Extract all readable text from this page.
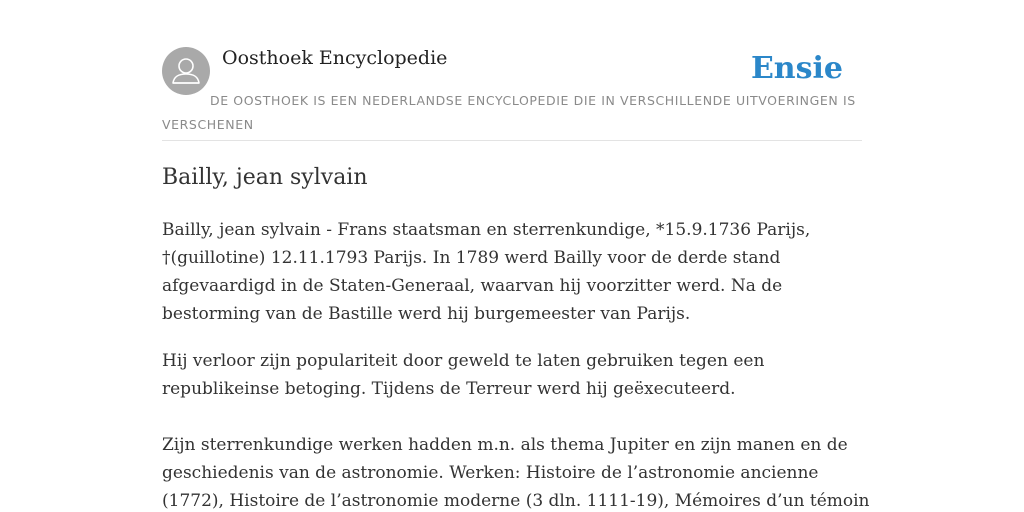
Oosthoek Encyclopedie	Ensie
DE OOSTHOEK IS EEN NEDERLANDSE ENCYCLOPEDIE DIE IN VERSCHILLENDE UITVOERINGEN IS VERSCHENEN
Bailly, jean sylvain

Bailly, jean sylvain - Frans staatsman en sterrenkundige, *15.9.1736 Parijs,

†(guillotine) 12.11.1793 Parijs. In 1789 werd Bailly voor de derde stand

afgevaardigd in de Staten-Generaal, waarvan hij voorzitter werd. Na de

bestorming van de Bastille werd hij burgemeester van Parijs.

Hij verloor zijn populariteit door geweld te laten gebruiken tegen een

republikeinse betoging. Tijdens de Terreur werd hij geëxecuteerd.

Zijn sterrenkundige werken hadden m.n. als thema Jupiter en zijn manen en de

geschiedenis van de astronomie. Werken: Histoire de l’astronomie ancienne

(1772), Histoire de l’astronomie moderne (3 dln. 1111-19), Mémoires d’un témoin
